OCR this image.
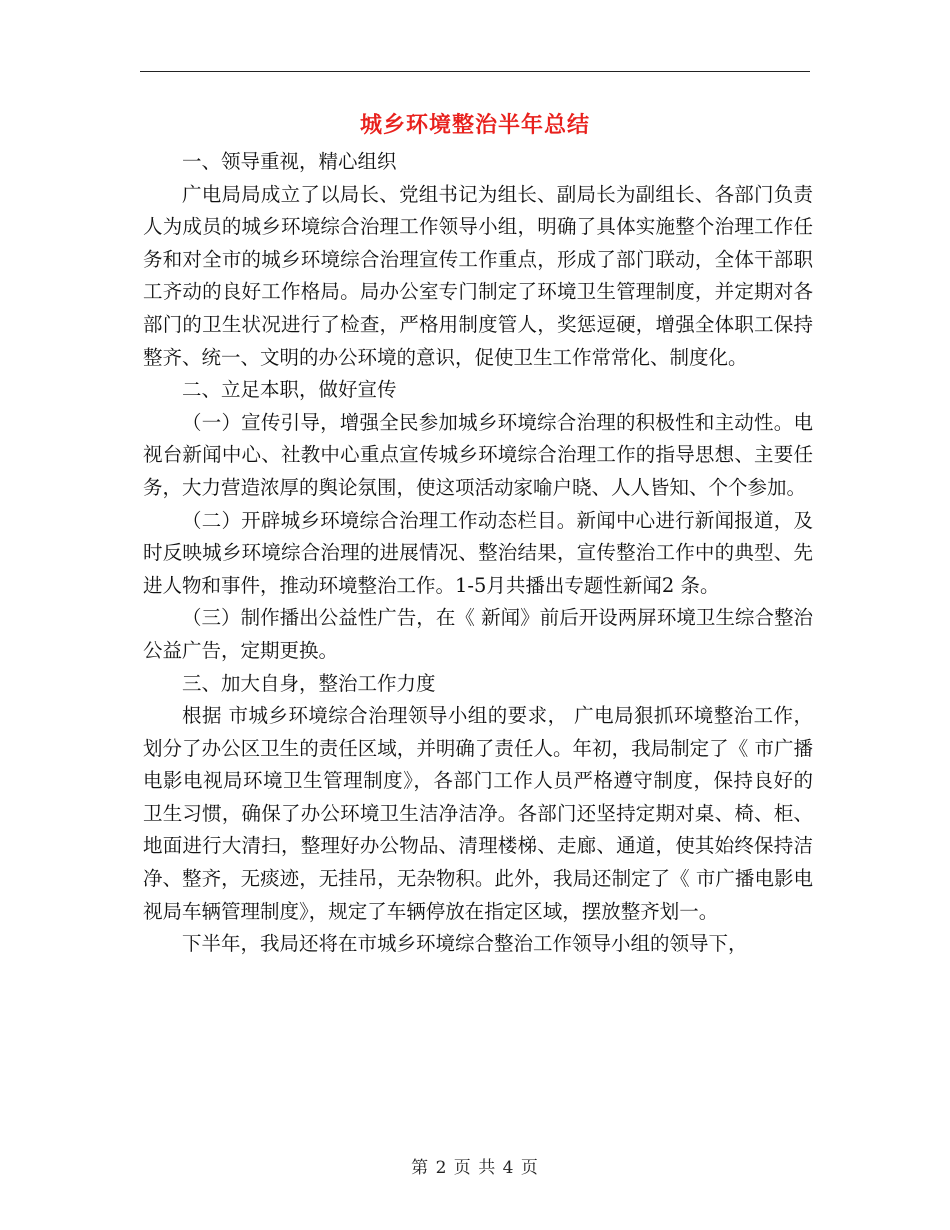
城乡环境整治半年总结

一、领导重视，精心组织

广电局局成立了以局长、党组书记为组长、副局长为副组长、各部门负责人为成员的城乡环境综合治理工作领导小组，明确了具体实施整个治理工作任务和对全市的城乡环境综合治理宣传工作重点，形成了部门联动，全体干部职工齐动的良好工作格局。局办公室专门制定了环境卫生管理制度，并定期对各部门的卫生状况进行了检查，严格用制度管人，奖惩逗硬，增强全体职工保持整齐、统一、文明的办公环境的意识，促使卫生工作常常化、制度化。

二、立足本职，做好宣传

（一）宣传引导，增强全民参加城乡环境综合治理的积极性和主动性。电视台新闻中心、社教中心重点宣传城乡环境综合治理工作的指导思想、主要任务，大力营造浓厚的舆论氛围，使这项活动家喻户晓、人人皆知、个个参加。

（二）开辟城乡环境综合治理工作动态栏目。新闻中心进行新闻报道，及时反映城乡环境综合治理的进展情况、整治结果，宣传整治工作中的典型、先进人物和事件，推动环境整治工作。1-5月共播出专题性新闻2 条。

（三）制作播出公益性广告，在《 新闻》前后开设两屏环境卫生综合整治公益广告，定期更换。

三、加大自身，整治工作力度

根据 市城乡环境综合治理领导小组的要求， 广电局狠抓环境整治工作，划分了办公区卫生的责任区域，并明确了责任人。年初，我局制定了《 市广播电影电视局环境卫生管理制度》，各部门工作人员严格遵守制度，保持良好的卫生习惯，确保了办公环境卫生洁净洁净。各部门还坚持定期对桌、椅、柜、地面进行大清扫，整理好办公物品、清理楼梯、走廊、通道，使其始终保持洁净、整齐，无痰迹，无挂吊，无杂物积。此外，我局还制定了《 市广播电影电视局车辆管理制度》，规定了车辆停放在指定区域，摆放整齐划一。

下半年，我局还将在市城乡环境综合整治工作领导小组的领导下，

第 2 页 共 4 页
